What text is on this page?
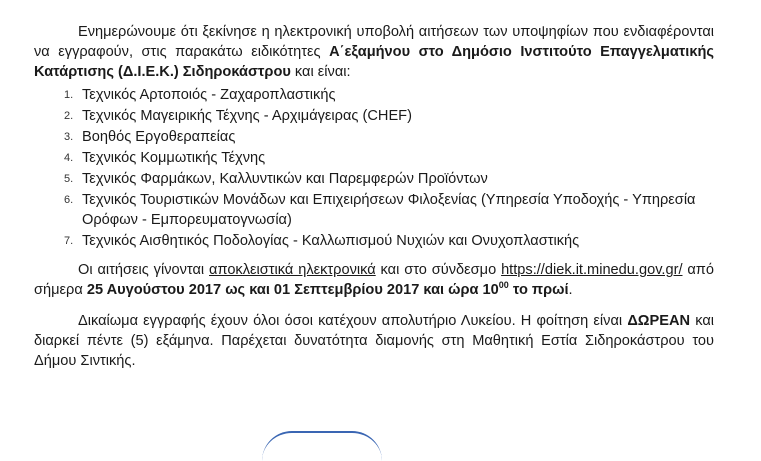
Ενημερώνουμε ότι ξεκίνησε η ηλεκτρονική υποβολή αιτήσεων των υποψηφίων που ενδιαφέρονται να εγγραφούν, στις παρακάτω ειδικότητες Α΄εξαμήνου στο Δημόσιο Ινστιτούτο Επαγγελματικής Κατάρτισης (Δ.Ι.Ε.Κ.) Σιδηροκάστρου και είναι:

1. Τεχνικός Αρτοποιός - Ζαχαροπλαστικής
2. Τεχνικός Μαγειρικής Τέχνης - Αρχιμάγειρας (CHEF)
3. Βοηθός Εργοθεραπείας
4. Τεχνικός Κομμωτικής Τέχνης
5. Τεχνικός Φαρμάκων, Καλλυντικών και Παρεμφερών Προϊόντων
6. Τεχνικός Τουριστικών Μονάδων και Επιχειρήσεων Φιλοξενίας (Υπηρεσία Υποδοχής - Υπηρεσία Ορόφων - Εμπορευματογνωσία)
7. Τεχνικός Αισθητικός Ποδολογίας - Καλλωπισμού Νυχιών και Ονυχοπλαστικής

Οι αιτήσεις γίνονται αποκλειστικά ηλεκτρονικά και στο σύνδεσμο https://diek.it.minedu.gov.gr/ από σήμερα 25 Αυγούστου 2017 ως και 01 Σεπτεμβρίου 2017 και ώρα $10^{00}$ το πρωί.

Δικαίωμα εγγραφής έχουν όλοι όσοι κατέχουν απολυτήριο Λυκείου. Η φοίτηση είναι ΔΩΡΕΑΝ και διαρκεί πέντε (5) εξάμηνα. Παρέχεται δυνατότητα διαμονής στη Μαθητική Εστία Σιδηροκάστρου του Δήμου Σιντικής.
